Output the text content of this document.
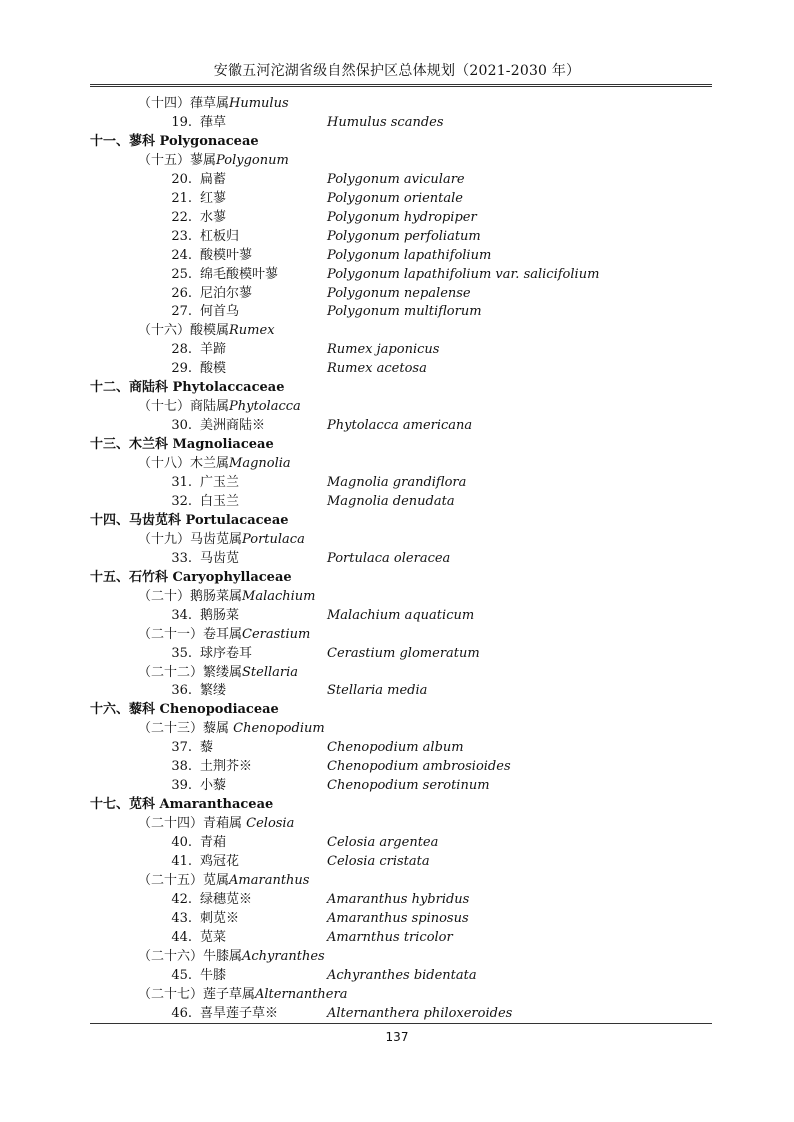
安徽五河沱湖省级自然保护区总体规划（2021-2030 年）
（十四）葎草属Humulus
19. 葎草	Humulus scandes
十一、蓼科 Polygonaceae
（十五）蓼属Polygonum
20. 扁蓄	Polygonum aviculare
21. 红蓼	Polygonum orientale
22. 水蓼	Polygonum hydropiper
23. 杠板归	Polygonum perfoliatum
24. 酸模叶蓼	Polygonum lapathifolium
25. 绵毛酸模叶蓼	Polygonum lapathifolium var. salicifolium
26. 尼泊尔蓼	Polygonum nepalense
27. 何首乌	Polygonum multiflorum
（十六）酸模属Rumex
28. 羊蹄	Rumex japonicus
29. 酸模	Rumex acetosa
十二、商陆科 Phytolaccaceae
（十七）商陆属Phytolacca
30. 美洲商陆※	Phytolacca americana
十三、木兰科 Magnoliaceae
（十八）木兰属Magnolia
31. 广玉兰	Magnolia grandiflora
32. 白玉兰	Magnolia denudata
十四、马齿苋科 Portulacaceae
（十九）马齿苋属Portulaca
33. 马齿苋	Portulaca oleracea
十五、石竹科 Caryophyllaceae
（二十）鹅肠菜属Malachium
34. 鹅肠菜	Malachium aquaticum
（二十一）卷耳属Cerastium
35. 球序卷耳	Cerastium glomeratum
（二十二）繁缕属Stellaria
36. 繁缕	Stellaria media
十六、藜科 Chenopodiaceae
（二十三）藜属 Chenopodium
37. 藜	Chenopodium album
38. 土荆芥※	Chenopodium ambrosioides
39. 小藜	Chenopodium serotinum
十七、苋科 Amaranthaceae
（二十四）青葙属 Celosia
40. 青葙	Celosia argentea
41. 鸡冠花	Celosia cristata
（二十五）苋属Amaranthus
42. 绿穗苋※	Amaranthus hybridus
43. 刺苋※	Amaranthus spinosus
44. 苋菜	Amarnthus tricolor
（二十六）牛膝属Achyranthes
45. 牛膝	Achyranthes bidentata
（二十七）莲子草属Alternanthera
46. 喜旱莲子草※	Alternanthera philoxeroides
137
